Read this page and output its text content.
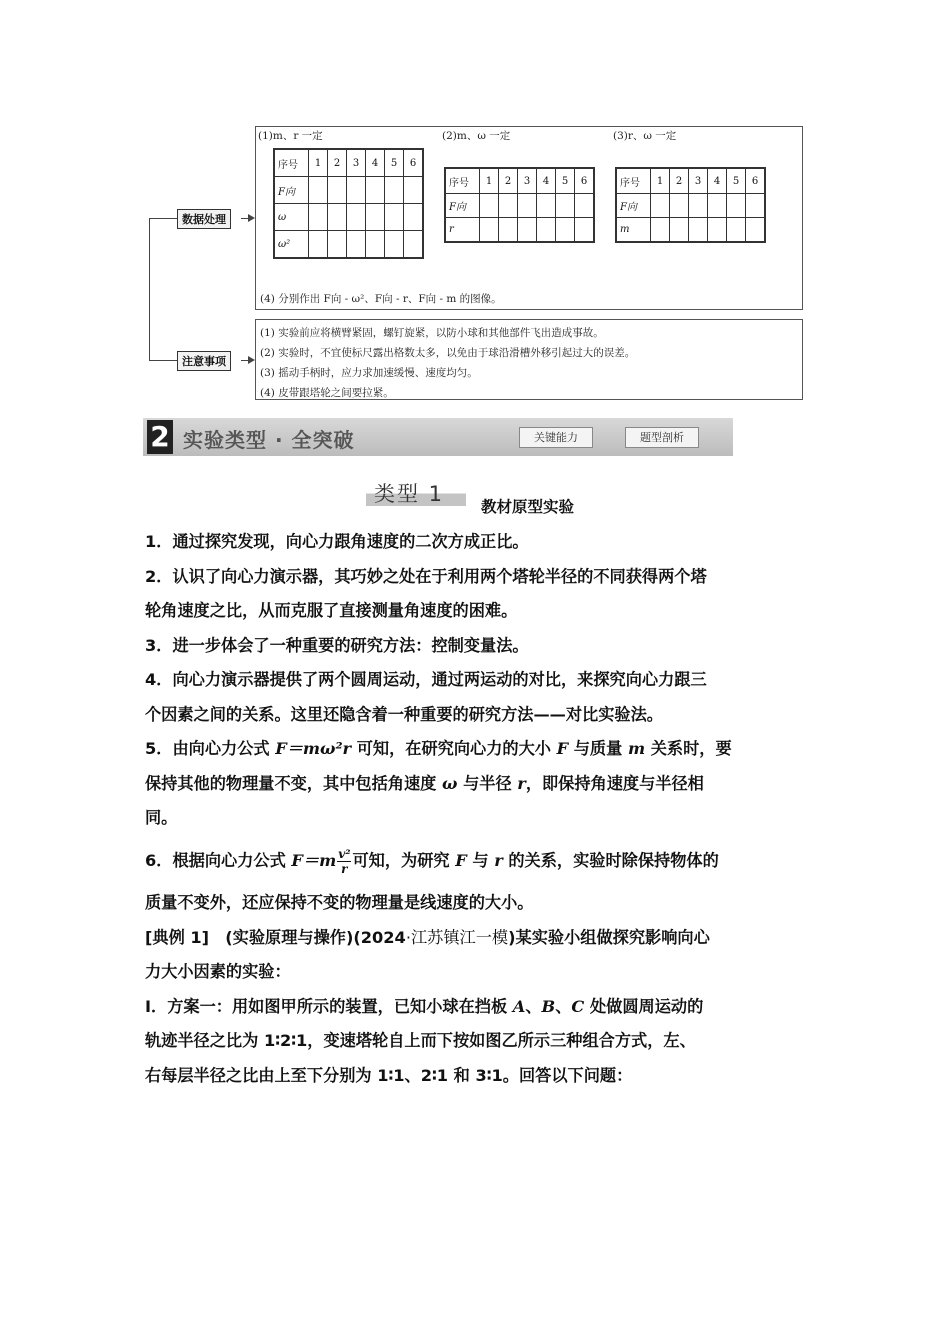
数据处理
注意事项
(1)m、r 一定	(2)m、ω 一定	(3)r、ω 一定
序号	1	2	3	4	5	6
F向						
ω						
ω²						
序号	1	2	3	4	5	6
F向						
r						
序号	1	2	3	4	5	6
F向						
m						
(4) 分别作出 F向 - ω²、F向 - r、F向 - m 的图像。
(1) 实验前应将横臂紧固，螺钉旋紧，以防小球和其他部件飞出造成事故。
(2) 实验时，不宜使标尺露出格数太多，以免由于球沿滑槽外移引起过大的误差。
(3) 摇动手柄时，应力求加速缓慢、速度均匀。
(4) 皮带跟塔轮之间要拉紧。
2 实验类型 · 全突破	关键能力	题型剖析
类型 1
教材原型实验

1．通过探究发现，向心力跟角速度的二次方成正比。

2．认识了向心力演示器，其巧妙之处在于利用两个塔轮半径的不同获得两个塔

轮角速度之比，从而克服了直接测量角速度的困难。

3．进一步体会了一种重要的研究方法：控制变量法。

4．向心力演示器提供了两个圆周运动，通过两运动的对比，来探究向心力跟三

个因素之间的关系。这里还隐含着一种重要的研究方法——对比实验法。

5．由向心力公式 F＝mω²r 可知，在研究向心力的大小 F 与质量 m 关系时，要

保持其他的物理量不变，其中包括角速度 ω 与半径 r，即保持角速度与半径相

同。

6．根据向心力公式 $F=m \frac{\text{v²}}{r}$ 可知，为研究 F 与 r 的关系，实验时除保持物体的

质量不变外，还应保持不变的物理量是线速度的大小。

[典例 1]　(实验原理与操作)(2024·江苏镇江一模)某实验小组做探究影响向心

力大小因素的实验：

Ⅰ．方案一：用如图甲所示的装置，已知小球在挡板 A、B、C 处做圆周运动的

轨迹半径之比为 1∶2∶1，变速塔轮自上而下按如图乙所示三种组合方式，左、

右每层半径之比由上至下分别为 1∶1、2∶1 和 3∶1。回答以下问题：
